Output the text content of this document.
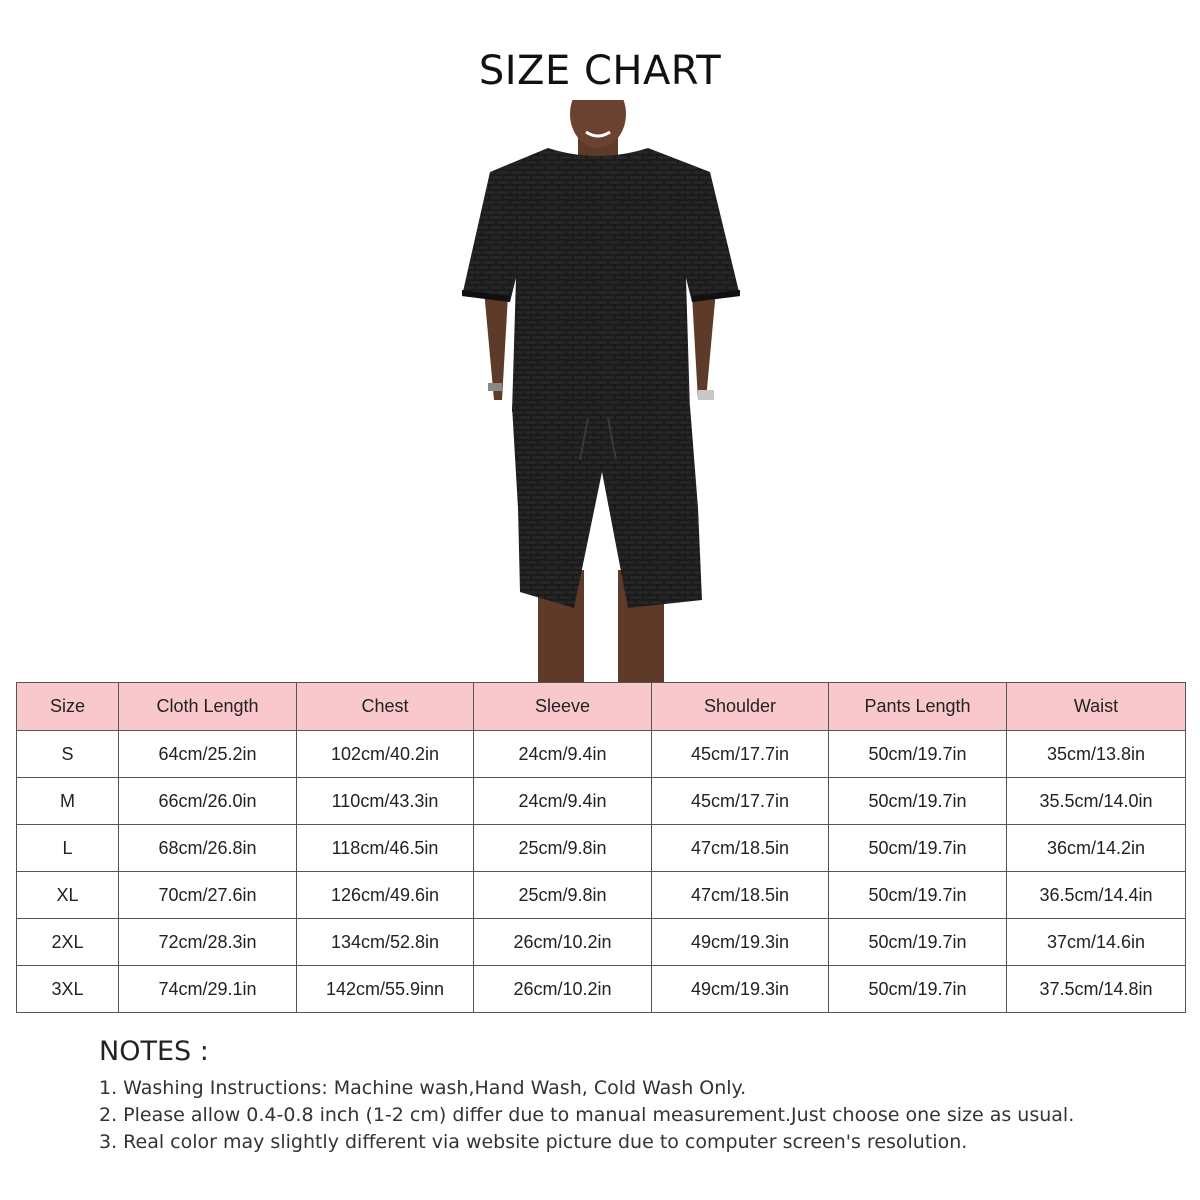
SIZE CHART
Size	Cloth Length	Chest	Sleeve	Shoulder	Pants Length	Waist
S	64cm/25.2in	102cm/40.2in	24cm/9.4in	45cm/17.7in	50cm/19.7in	35cm/13.8in
M	66cm/26.0in	110cm/43.3in	24cm/9.4in	45cm/17.7in	50cm/19.7in	35.5cm/14.0in
L	68cm/26.8in	118cm/46.5in	25cm/9.8in	47cm/18.5in	50cm/19.7in	36cm/14.2in
XL	70cm/27.6in	126cm/49.6in	25cm/9.8in	47cm/18.5in	50cm/19.7in	36.5cm/14.4in
2XL	72cm/28.3in	134cm/52.8in	26cm/10.2in	49cm/19.3in	50cm/19.7in	37cm/14.6in
3XL	74cm/29.1in	142cm/55.9inn	26cm/10.2in	49cm/19.3in	50cm/19.7in	37.5cm/14.8in
NOTES :
1. Washing Instructions: Machine wash,Hand Wash, Cold Wash Only.
2. Please allow 0.4-0.8 inch (1-2 cm) differ due to manual measurement.Just choose one size as usual.
3. Real color may slightly different via website picture due to computer screen's resolution.
